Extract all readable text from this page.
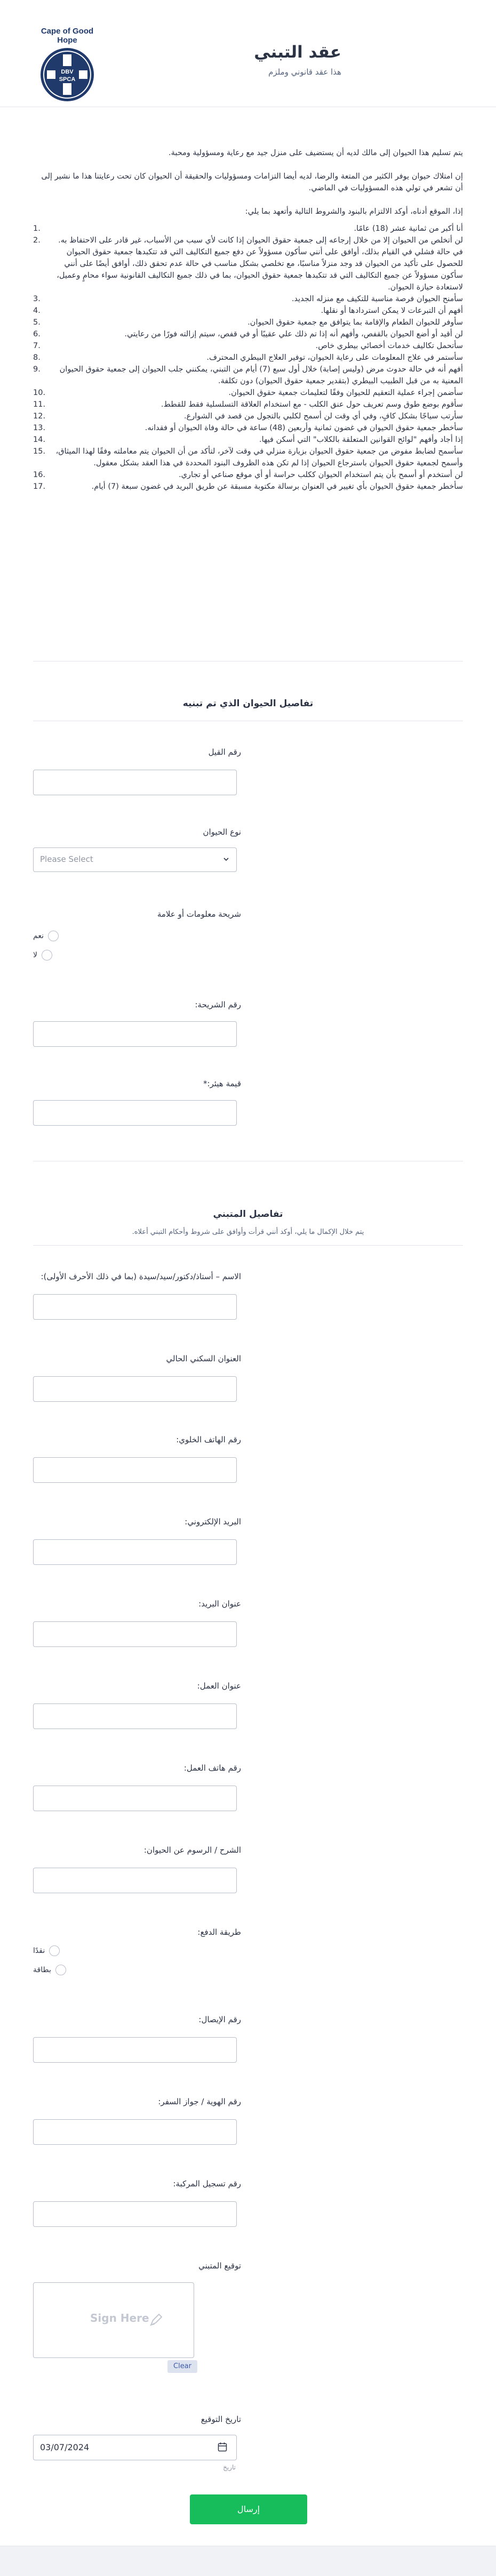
Cape of Good Hope
DBV
SPCA
عقد التبني
هذا عقد قانوني وملزم

يتم تسليم هذا الحيوان إلى مالك لديه أن يستضيف على منزل جيد مع رعاية ومسؤولية ومحبة.

إن امتلاك حيوان يوفر الكثير من المتعة والرضا، لديه أيضا التزامات ومسؤوليات والحقيقة أن الحيوان كان تحت رعايتنا هذا ما نشير إلى أن تشعر في تولي هذه المسؤوليات في الماضي.

إذا، الموقع أدناه، أوكد الالتزام بالبنود والشروط التالية وأتعهد بما يلي:

1.	أنا أكبر من ثمانية عشر (18) عامًا.
2.	لن أتخلص من الحيوان إلا من خلال إرجاعه إلى جمعية حقوق الحيوان إذا كانت لأي سبب من الأسباب، غير قادر على الاحتفاظ به. في حالة فشلي في القيام بذلك، أوافق على أنني سأكون مسؤولاً عن دفع جميع التكاليف التي قد تتكبدها جمعية حقوق الحيوان للحصول على تأكيد من الحيوان قد وجد منزلاً مناسبًا، مع تخلصي بشكل مناسب في حالة عدم تحقق ذلك، أوافق أيضًا على أنني سأكون مسؤولاً عن جميع التكاليف التي قد تتكبدها جمعية حقوق الحيوان، بما في ذلك جميع التكاليف القانونية سواء محامٍ وعميل، لاستعادة حيازة الحيوان.
3.	سأمنح الحيوان فرصة مناسبة للتكيف مع منزله الجديد.
4.	أفهم أن التبرعات لا يمكن استردادها أو نقلها.
5.	سأوفر للحيوان الطعام والإقامة بما يتوافق مع جمعية حقوق الحيوان.
6.	لن أقيد أو أضع الحيوان بالقفص، وأفهم أنه إذا تم ذلك علي عقيبًا أو في قفص، سيتم إزالته فورًا من رعايتي.
7.	سأتحمل تكاليف خدمات أخصائي بيطري خاص.
8.	سأستمر في علاج المعلومات على رعاية الحيوان، توفير العلاج البيطري المحترف.
9.	أفهم أنه في حالة حدوث مرض (وليس إصابة) خلال أول سبع (7) أيام من التبني، يمكنني جلب الحيوان إلى جمعية حقوق الحيوان المعنية به من قبل الطبيب البيطري (بتقدير جمعية حقوق الحيوان) دون تكلفة.
10.	سأضمن إجراء عملية التعقيم للحيوان وفقًا لتعليمات جمعية حقوق الحيوان.
11.	سأقوم بوضع طوق وسم تعريف حول عنق الكلب - مع استخدام العلاقة التسلسلية فقط للقطط.
12.	سأرتب سياجًا بشكل كافٍ، وفي أي وقت لن أسمح لكلبي بالتجول من قصد في الشوارع.
13.	سأخطر جمعية حقوق الحيوان في غضون ثمانية وأربعين (48) ساعة في حالة وفاة الحيوان أو فقدانه.
14.	إذا أجاد وأفهم "لوائح القوانين المتعلقة بالكلاب" التي أسكن فيها.
15.	سأسمح لضابط مفوض من جمعية حقوق الحيوان بزيارة منزلي في وقت لآخر، لتأكد من أن الحيوان يتم معاملته وفقًا لهذا الميثاق، وأسمح لجمعية حقوق الحيوان باسترجاع الحيوان إذا لم تكن هذه الظروف البنود المحددة في هذا العقد بشكل معقول.
16.	لن أستخدم أو أسمح بأن يتم استخدام الحيوان ككلب حراسة أو أي موقع صناعي أو تجاري.
17.	سأخطر جمعية حقوق الحيوان بأي تغيير في العنوان برسالة مكتوبة مسبقة عن طريق البريد في غضون سبعة (7) أيام.
تفاصيل الحيوان الذي تم تبنيه
رقم القيل
نوع الحيوان
Please Select
شريحة معلومات أو علامة
نعم
لا
رقم الشريحة:
قيمة هيئر:*
تفاصيل المتبني
يتم خلال الإكمال ما يلي، أوكد أنني قرأت وأوافق على شروط وأحكام التبني أعلاه.
الاسم – أستاذ/دكتور/سيد/سيدة (بما في ذلك الأحرف الأولى):
العنوان السكني الحالي
رقم الهاتف الخلوي:
البريد الإلكتروني:
عنوان البريد:
عنوان العمل:
رقم هاتف العمل:
الشرح / الرسوم عن الحيوان:
طريقة الدفع:
نقدًا
بطاقة
رقم الإيصال:
رقم الهوية / جواز السفر:
رقم تسجيل المركبة:
توقيع المتبني
Sign Here
Clear
تاريخ التوقيع
03/07/2024
تاريخ
إرسال
